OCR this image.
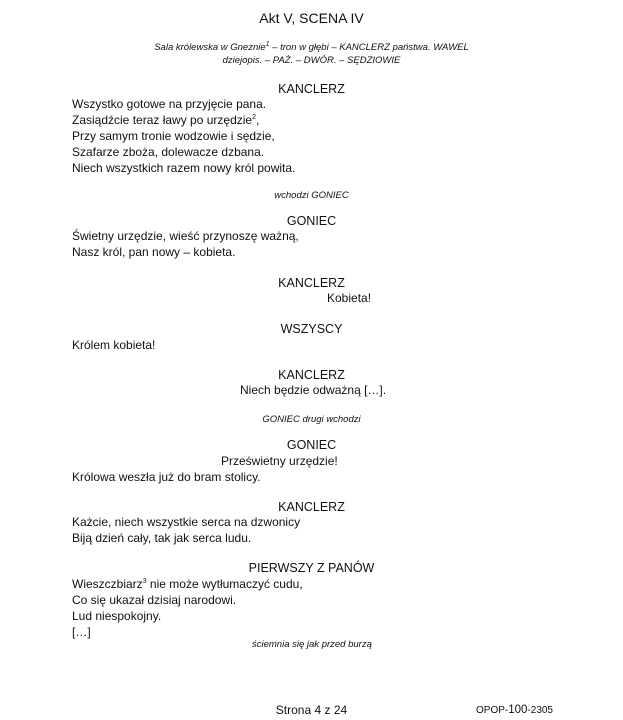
Akt V, SCENA IV
Sala królewska w Gneznie$^1$ – tron w głębi – KANCLERZ państwa. WAWEL
dziejopis. – PAŻ. – DWÓR. – SĘDZIOWIE
KANCLERZ
Wszystko gotowe na przyjęcie pana.
Zasiądźcie teraz ławy po urzędzie$^2$,
Przy samym tronie wodzowie i sędzie,
Szafarze zboża, dolewacze dzbana.
Niech wszystkich razem nowy król powita.
wchodzi GONIEC
GONIEC
Świetny urzędzie, wieść przynoszę ważną,
Nasz król, pan nowy – kobieta.
KANCLERZ
Kobieta!
WSZYSCY
Królem kobieta!
KANCLERZ
Niech będzie odważną […].
GONIEC drugi wchodzi
GONIEC
Prześwietny urzędzie!
Królowa weszła już do bram stolicy.
KANCLERZ
Każcie, niech wszystkie serca na dzwonicy
Biją dzień cały, tak jak serca ludu.
PIERWSZY Z PANÓW
Wieszczbiarz$^3$ nie może wytłumaczyć cudu,
Co się ukazał dzisiaj narodowi.
Lud niespokojny.
[…]
ściemnia się jak przed burzą
Strona 4 z 24	OPOP-100-2305
